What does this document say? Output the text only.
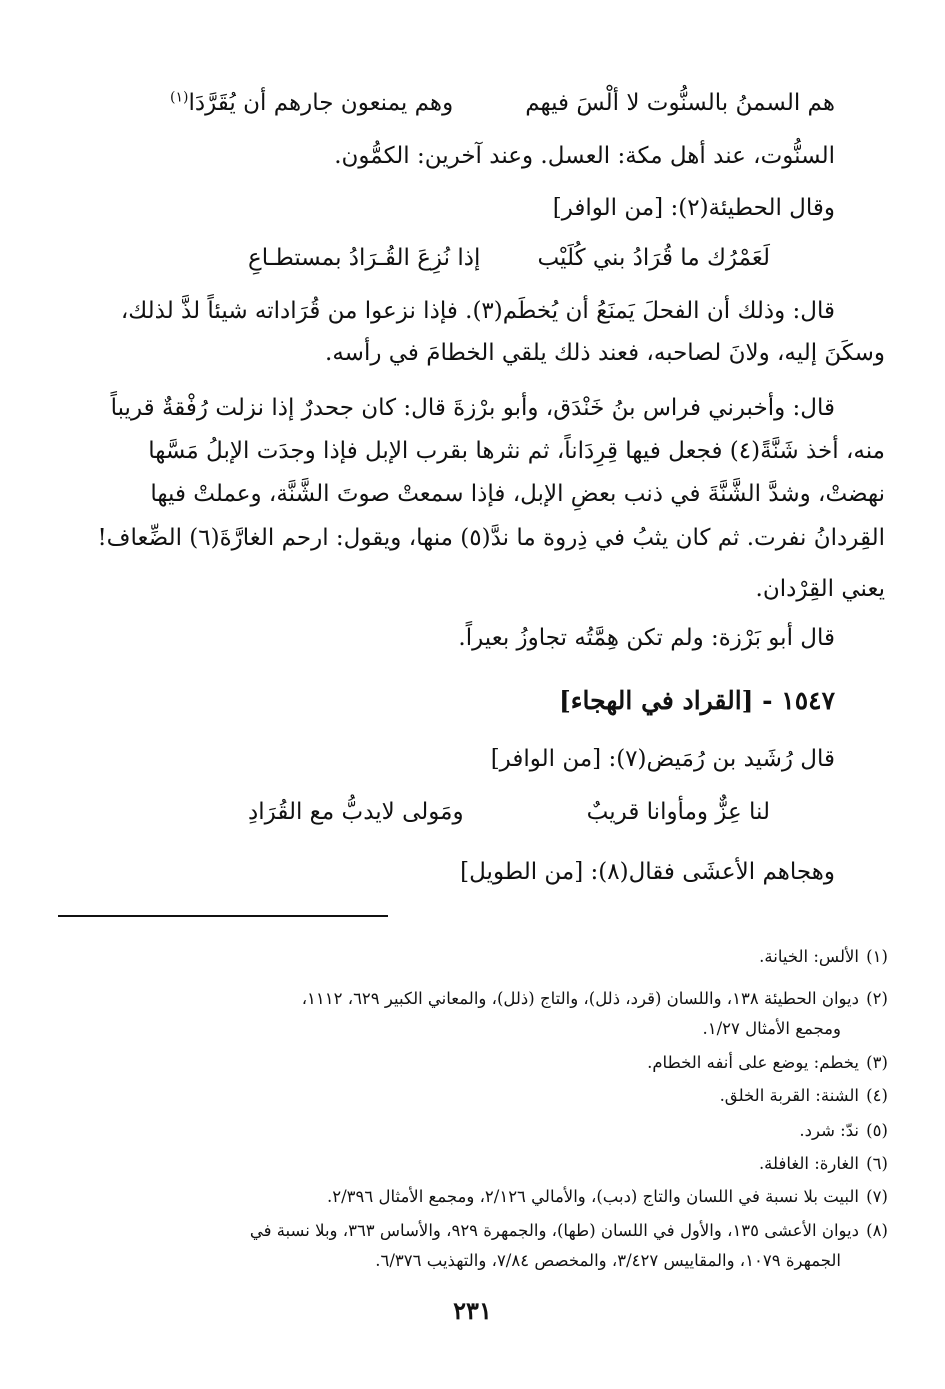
هم السمنُ بالسنُّوت لا ألْسَ فيهم
وهم يمنعون جارهم أن يُقَرَّدَا$^{(١)}$
السنُّوت، عند أهل مكة: العسل. وعند آخرين: الكمُّون.
وقال الحطيئة(٢): [من الوافر]
لَعَمْرُك ما قُرَادُ بني كُلَيْب
إذا نُزِعَ القُـرَادُ بمستطـاعِ
قال: وذلك أن الفحلَ يَمنَعُ أن يُخطَم(٣). فإذا نزعوا من قُرَاداته شيئاً لذَّ لذلك،
وسكَنَ إليه، ولانَ لصاحبه، فعند ذلك يلقي الخطامَ في رأسه.
قال: وأخبرني فراس بنُ خَنْدَق، وأبو برْزةَ قال: كان جحدرٌ إذا نزلت رُفْقةٌ قريباً
منه، أخذ شَنَّةً(٤) فجعل فيها قِرِدَاناً، ثم نثرها بقرب الإبل فإذا وجدَت الإبلُ مَسَّها
نهضتْ، وشدَّ الشَّنَّةَ في ذنب بعضِ الإبل، فإذا سمعتْ صوتَ الشَّنَّة، وعملتْ فيها
القِردانُ نفرت. ثم كان يثبُ في ذِروة ما ندَّ(٥) منها، ويقول: ارحم الغارَّةَ(٦) الضِّعاف!
يعني القِرْدان.
قال أبو بَرْزة: ولم تكن هِمَّتُه تجاوزُ بعيراً.
١٥٤٧ - [القراد في الهجاء]
قال رُشَيد بن رُمَيض(٧): [من الوافر]
لنا عِزٌّ ومأوانا قريبٌ
ومَولى لايدبُّ مع القُرَادِ
وهجاهم الأعشَى فقال(٨): [من الطويل]
(١)الألس: الخيانة.
(٢)ديوان الحطيئة ١٣٨، واللسان (قرد، ذلل)، والتاج (ذلل)، والمعاني الكبير ٦٢٩، ١١١٢،
ومجمع الأمثال ١/٢٧.
(٣)يخطم: يوضع على أنفه الخطام.
(٤)الشنة: القربة الخلق.
(٥)ندّ: شرد.
(٦)الغارة: الغافلة.
(٧)البيت بلا نسبة في اللسان والتاج (دبب)، والأمالي ٢/١٢٦، ومجمع الأمثال ٢/٣٩٦.
(٨)ديوان الأعشى ١٣٥، والأول في اللسان (طها)، والجمهرة ٩٢٩، والأساس ٣٦٣، وبلا نسبة في
الجمهرة ١٠٧٩، والمقاييس ٣/٤٢٧، والمخصص ٧/٨٤، والتهذيب ٦/٣٧٦.
٢٣١
